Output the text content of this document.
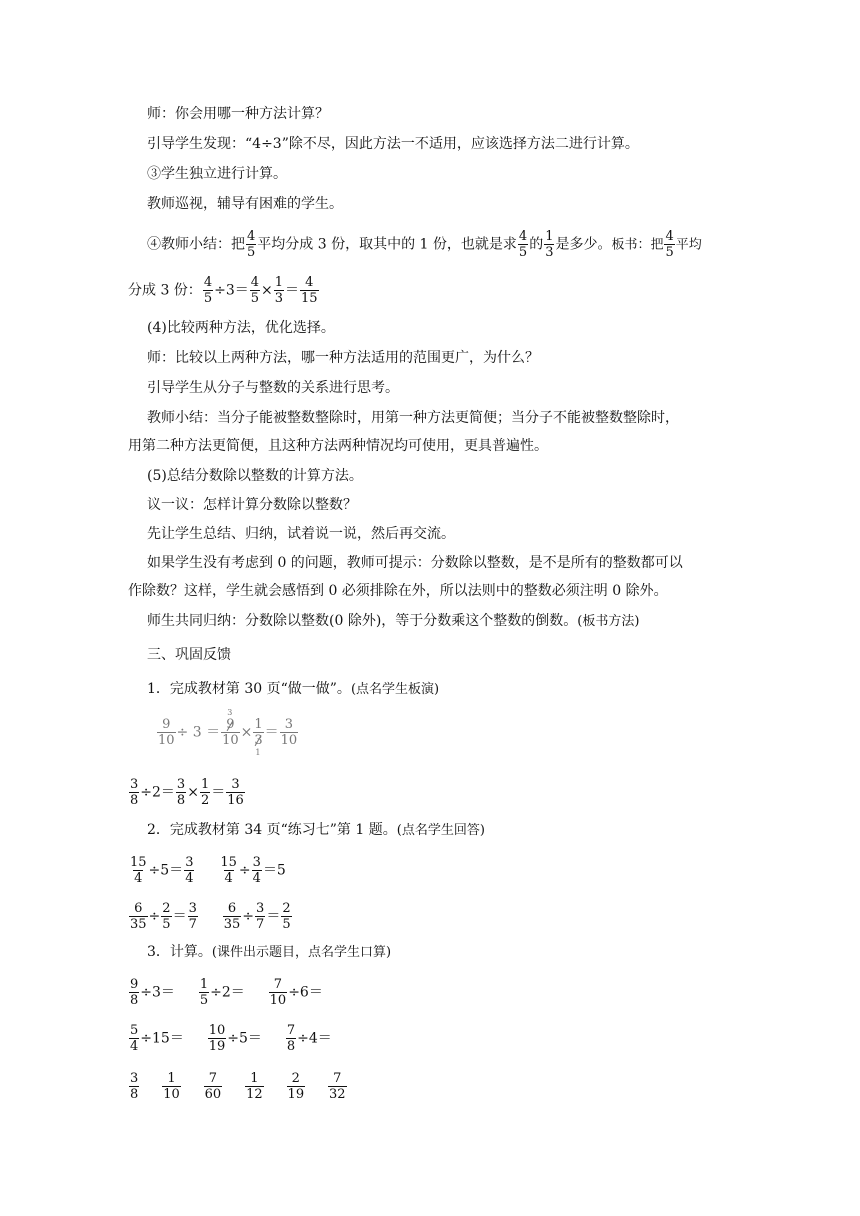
师：你会用哪一种方法计算？
引导学生发现：“4÷3”除不尽，因此方法一不适用，应该选择方法二进行计算。
③学生独立进行计算。
教师巡视，辅导有困难的学生。
④教师小结：把 $\frac{4}{5}$ 平均分成 3 份，取其中的 1 份，也就是求 $\frac{4}{5}$ 的 $\frac{1}{3}$ 是多少。板书：把 $\frac{4}{5}$ 平均
分成 3 份： $\frac{4}{5} \div 3= \frac{4}{5} \times \frac{1}{3} = \frac{4}{15}$
(4)比较两种方法，优化选择。
师：比较以上两种方法，哪一种方法适用的范围更广，为什么？
引导学生从分子与整数的关系进行思考。
教师小结：当分子能被整数整除时，用第一种方法更简便；当分子不能被整数整除时，
用第二种方法更简便，且这种方法两种情况均可使用，更具普遍性。
(5)总结分数除以整数的计算方法。
议一议：怎样计算分数除以整数？
先让学生总结、归纳，试着说一说，然后再交流。
如果学生没有考虑到 0 的问题，教师可提示：分数除以整数，是不是所有的整数都可以
作除数？这样，学生就会感悟到 0 必须排除在外，所以法则中的整数必须注明 0 除外。
师生共同归纳：分数除以整数(0 除外)，等于分数乘这个整数的倒数。(板书方法)
三、巩固反馈
1．完成教材第 30 页“做一做”。(点名学生板演)
$\frac{9}{10} \div 3 = 3$
9
10 × 1
3
$1 = \frac{3}{10}$
$\frac{3}{8} \div 2= \frac{3}{8} \times \frac{1}{2} = \frac{3}{16}$
2．完成教材第 34 页“练习七”第 1 题。(点名学生回答)
$\frac{15}{4} \div 5= \frac{3}{4}$
$\frac{15}{4} \div \frac{3}{4} =5$
$\frac{6}{35} \div \frac{2}{5} = \frac{3}{7}$
$\frac{6}{35} \div \frac{3}{7} = \frac{2}{5}$
3．计算。(课件出示题目，点名学生口算)
$\frac{9}{8} \div 3= \frac{1}{5} \div 2= \frac{7}{10} \div 6=$
$\frac{5}{4} \div 15= \frac{10}{19} \div 5= \frac{7}{8} \div 4=$
$\frac{3}{8}$
$\frac{1}{10}$
$\frac{7}{60}$
$\frac{1}{12}$
$\frac{2}{19}$
$\frac{7}{32}$
